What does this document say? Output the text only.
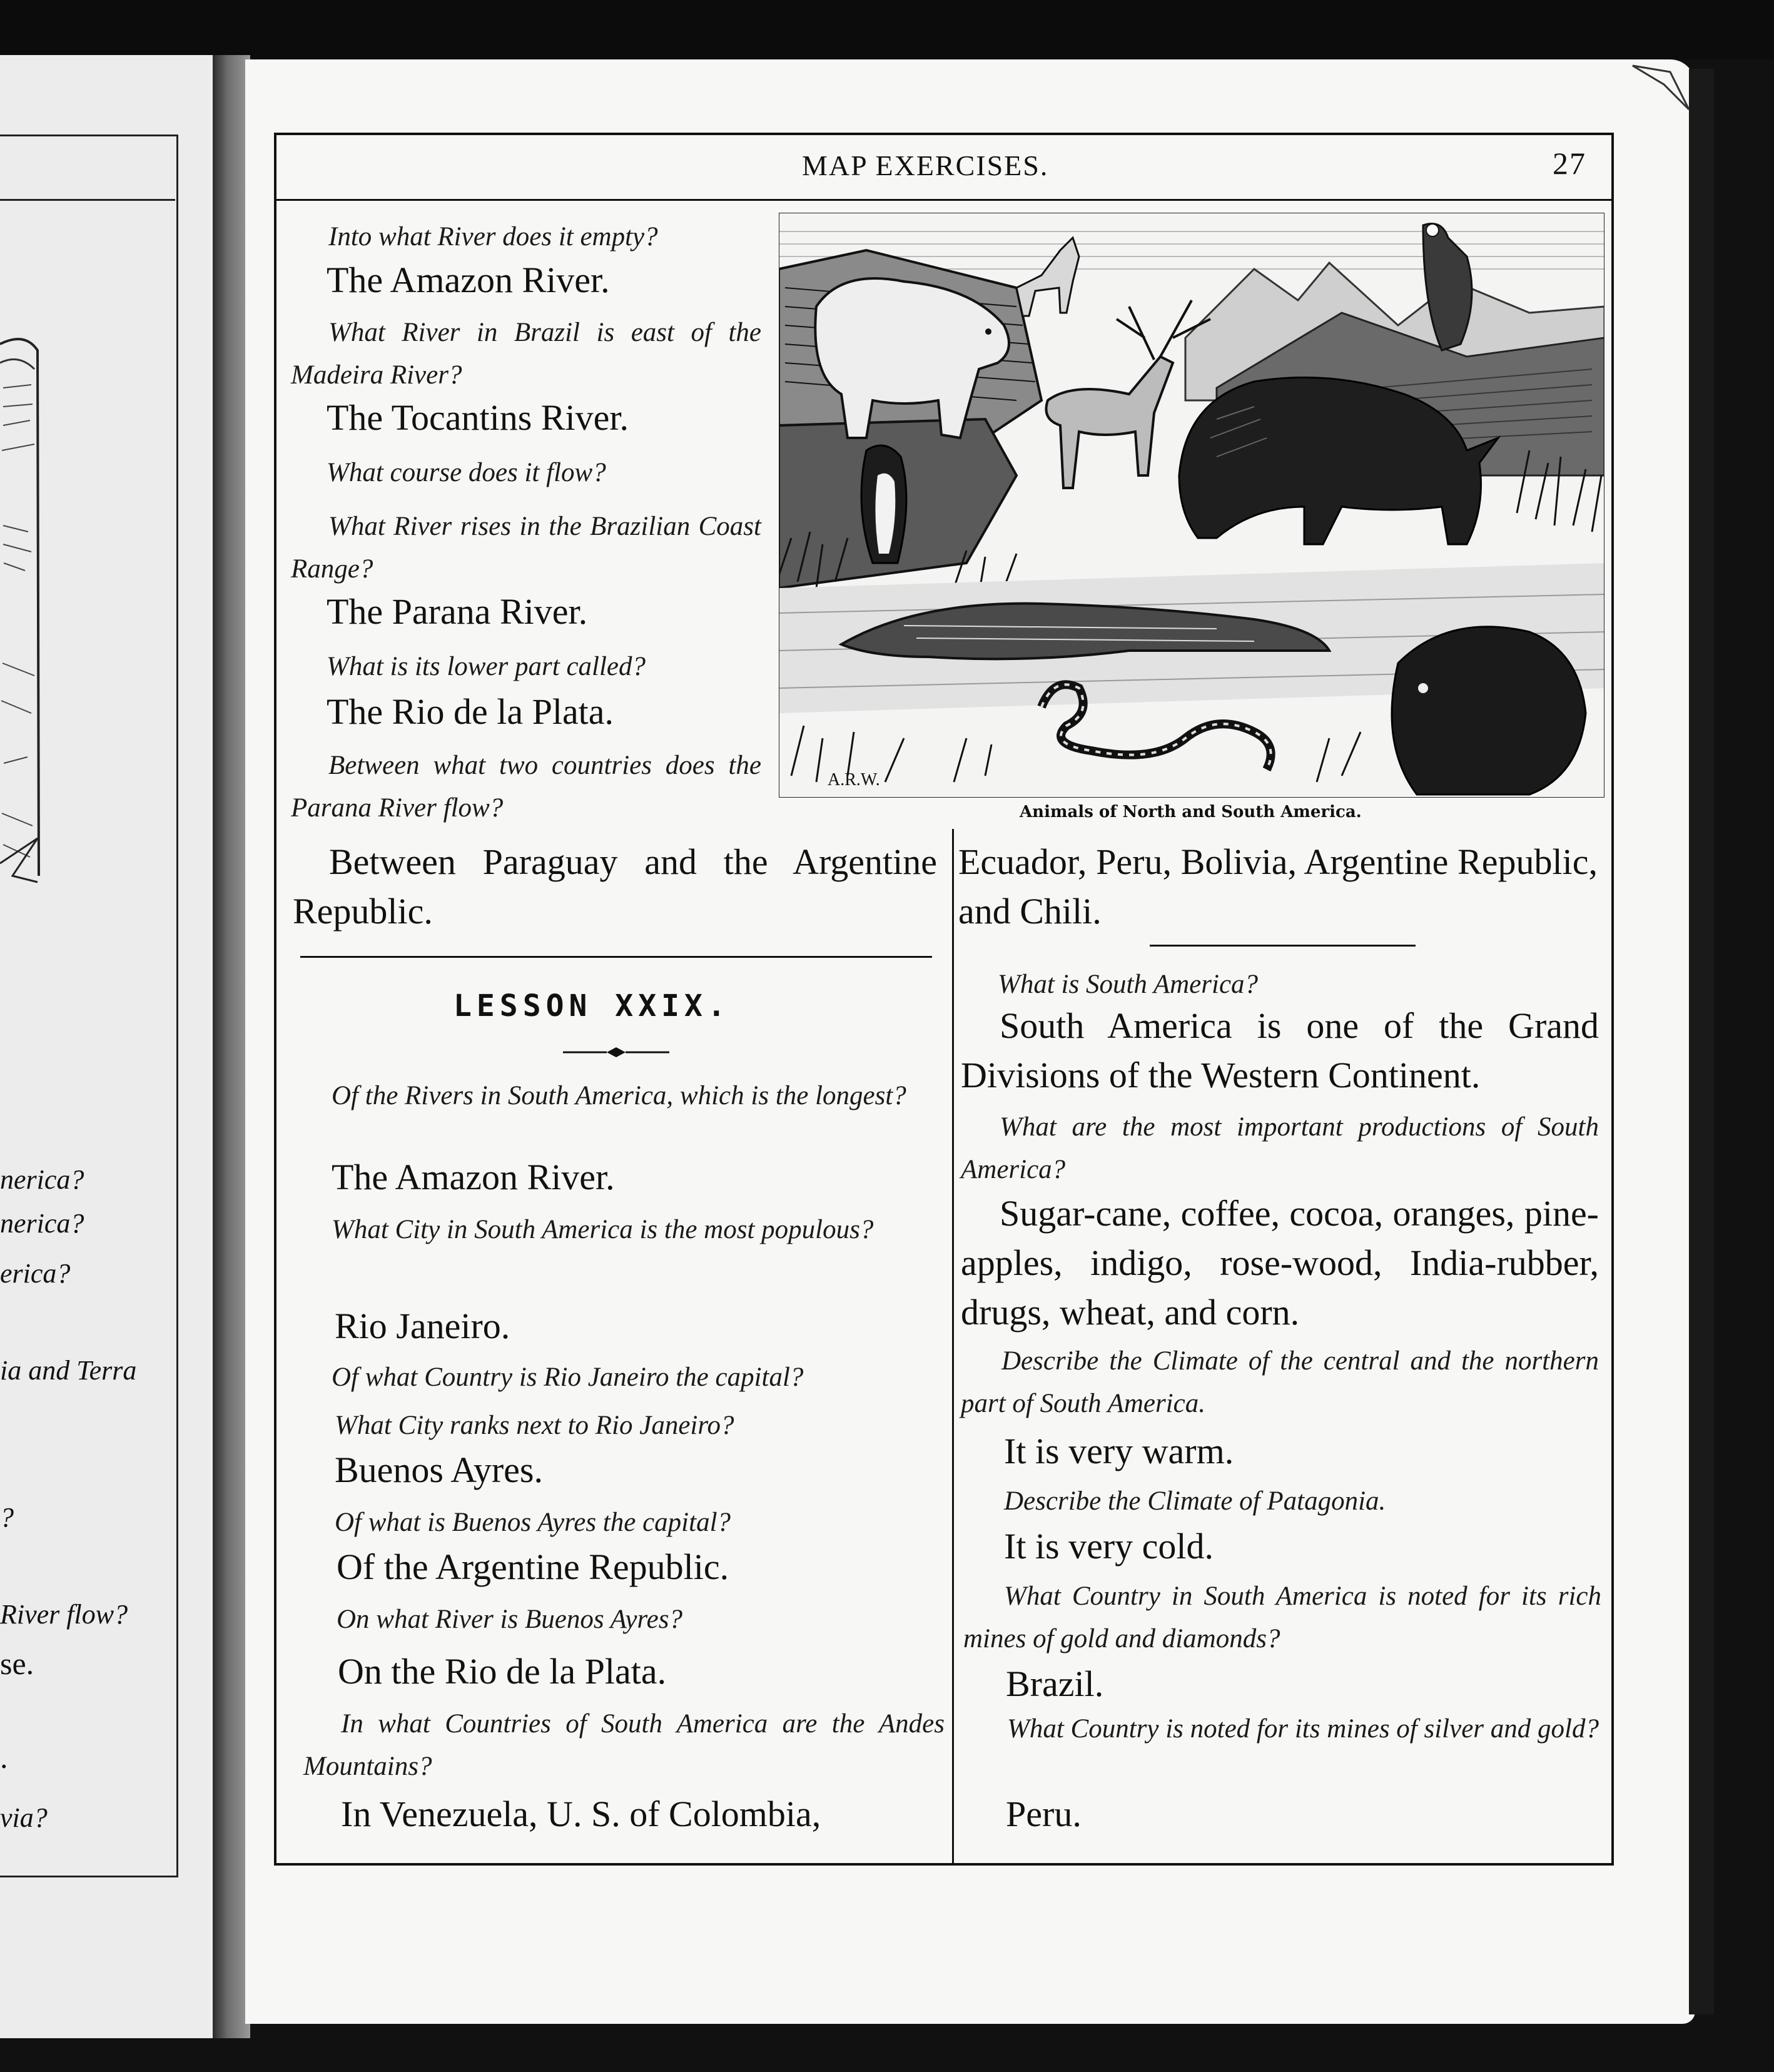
nerica?
nerica?
erica?
ia and Terra
?
River flow?
se.
.
via?
MAP EXERCISES.	27
Into what River does it empty?
The Amazon River.
What River in Brazil is east of the Madeira River?
The Tocantins River.
What course does it flow?
What River rises in the Brazilian Coast Range?
The Parana River.
What is its lower part called?
The Rio de la Plata.
Between what two countries does the Parana River flow?
Between Paraguay and the Argentine Republic.
A.R.W.
Animals of North and South America.
Ecuador, Peru, Bolivia, Argentine Republic, and Chili.
LESSON XXIX.
Of the Rivers in South America, which is the longest?
The Amazon River.
What City in South America is the most populous?
Rio Janeiro.
Of what Country is Rio Janeiro the capital?
What City ranks next to Rio Janeiro?
Buenos Ayres.
Of what is Buenos Ayres the capital?
Of the Argentine Republic.
On what River is Buenos Ayres?
On the Rio de la Plata.
In what Countries of South America are the Andes Mountains?
In Venezuela, U. S. of Colombia,
What is South America?
South America is one of the Grand Divisions of the Western Continent.
What are the most important productions of South America?
Sugar-cane, coffee, cocoa, oranges, pine-apples, indigo, rose-wood, India-rubber, drugs, wheat, and corn.
Describe the Climate of the central and the northern part of South America.
It is very warm.
Describe the Climate of Patagonia.
It is very cold.
What Country in South America is noted for its rich mines of gold and diamonds?
Brazil.
What Country is noted for its mines of silver and gold?
Peru.
